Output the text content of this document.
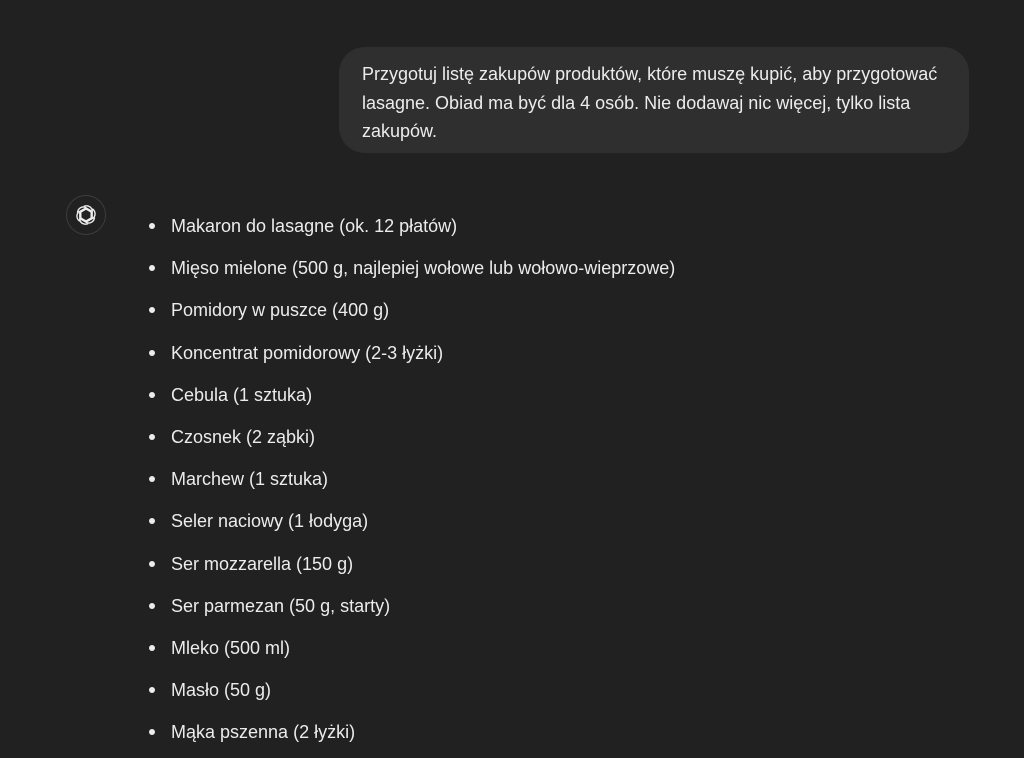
Przygotuj listę zakupów produktów, które muszę kupić, aby przygotować lasagne. Obiad ma być dla 4 osób. Nie dodawaj nic więcej, tylko lista zakupów.
Makaron do lasagne (ok. 12 płatów)
Mięso mielone (500 g, najlepiej wołowe lub wołowo-wieprzowe)
Pomidory w puszce (400 g)
Koncentrat pomidorowy (2-3 łyżki)
Cebula (1 sztuka)
Czosnek (2 ząbki)
Marchew (1 sztuka)
Seler naciowy (1 łodyga)
Ser mozzarella (150 g)
Ser parmezan (50 g, starty)
Mleko (500 ml)
Masło (50 g)
Mąka pszenna (2 łyżki)
